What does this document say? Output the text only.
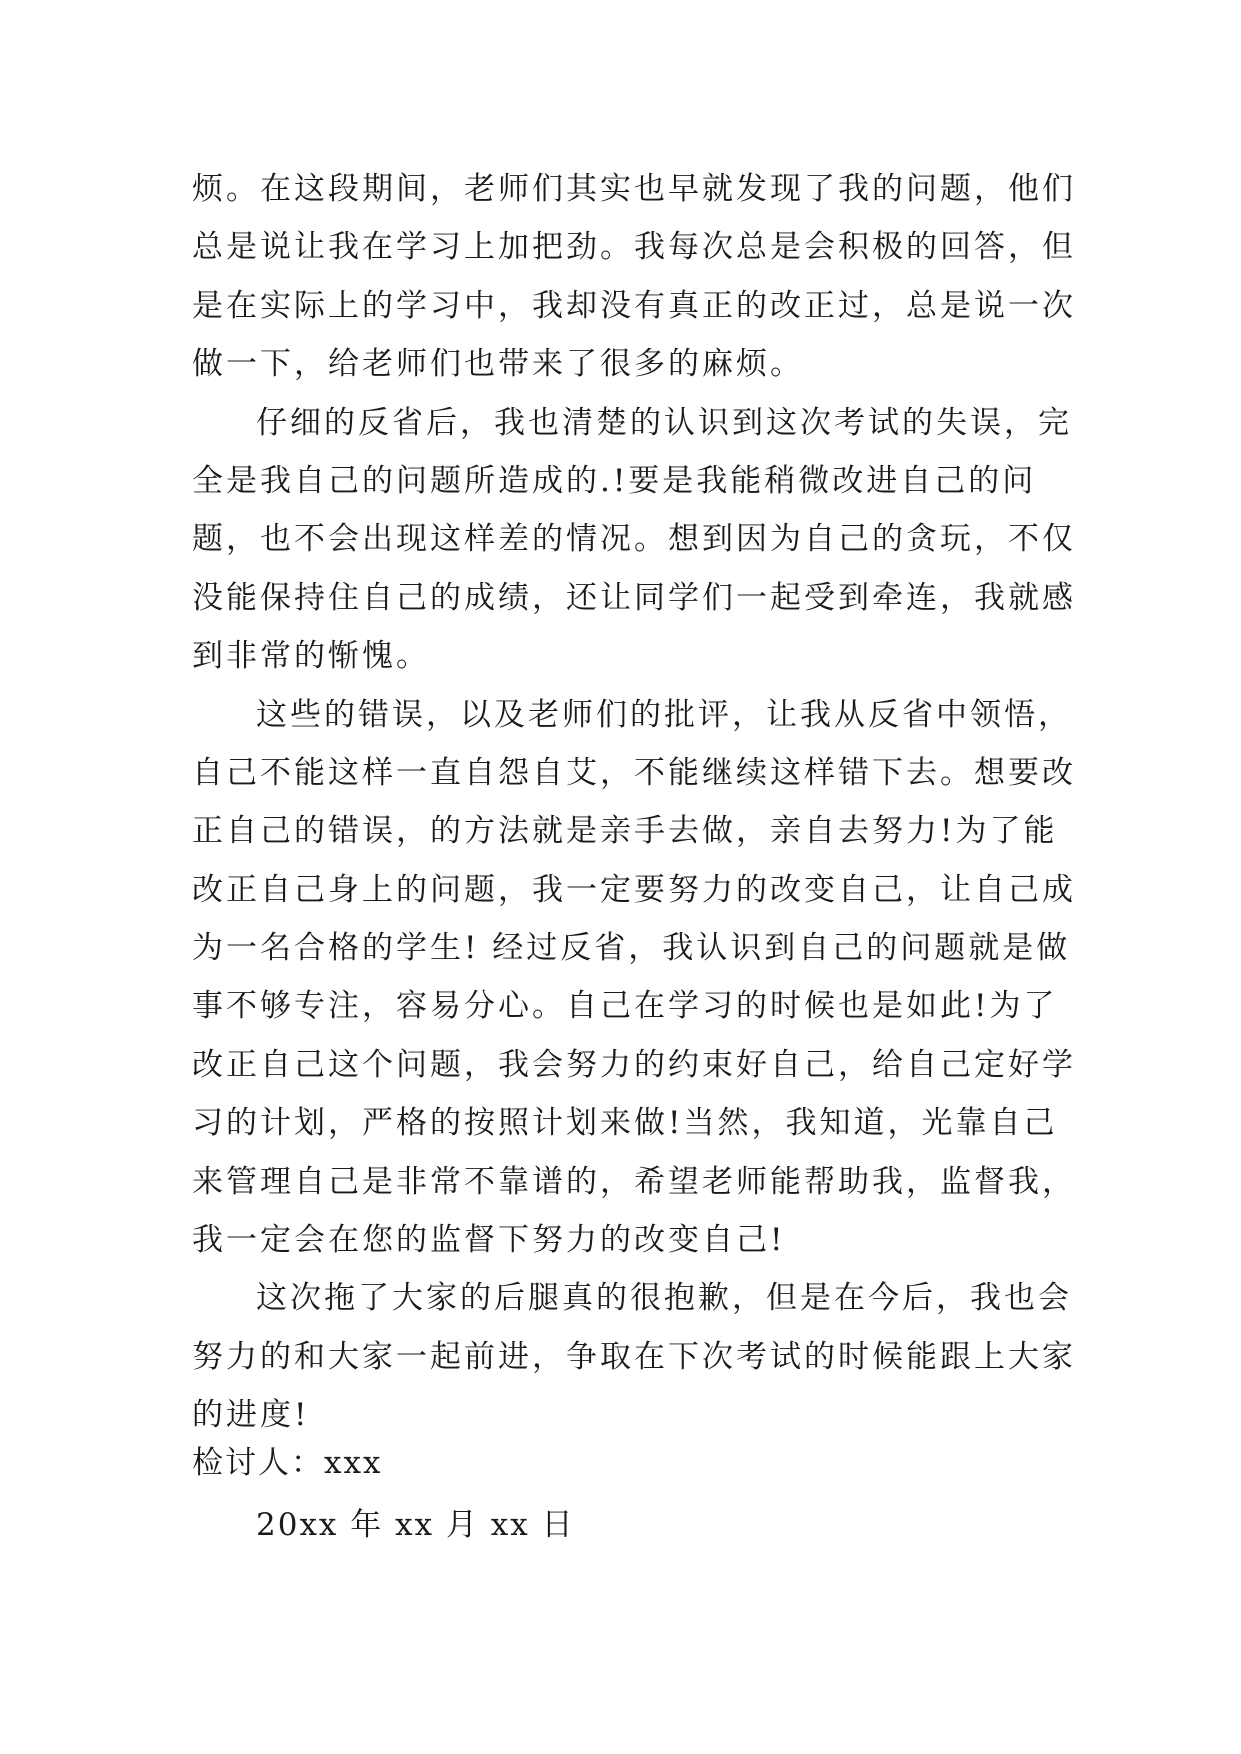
烦。在这段期间，老师们其实也早就发现了我的问题，他们
总是说让我在学习上加把劲。我每次总是会积极的回答，但
是在实际上的学习中，我却没有真正的改正过，总是说一次
做一下，给老师们也带来了很多的麻烦。
仔细的反省后，我也清楚的认识到这次考试的失误，完
全是我自己的问题所造成的.!要是我能稍微改进自己的问
题，也不会出现这样差的情况。想到因为自己的贪玩，不仅
没能保持住自己的成绩，还让同学们一起受到牵连，我就感
到非常的惭愧。
这些的错误，以及老师们的批评，让我从反省中领悟，
自己不能这样一直自怨自艾，不能继续这样错下去。想要改
正自己的错误，的方法就是亲手去做，亲自去努力!为了能
改正自己身上的问题，我一定要努力的改变自己，让自己成
为一名合格的学生! 经过反省，我认识到自己的问题就是做
事不够专注，容易分心。自己在学习的时候也是如此!为了
改正自己这个问题，我会努力的约束好自己，给自己定好学
习的计划，严格的按照计划来做!当然，我知道，光靠自己
来管理自己是非常不靠谱的，希望老师能帮助我，监督我，
我一定会在您的监督下努力的改变自己!
这次拖了大家的后腿真的很抱歉，但是在今后，我也会
努力的和大家一起前进，争取在下次考试的时候能跟上大家
的进度!
检讨人：xxx
20xx 年 xx 月 xx 日
